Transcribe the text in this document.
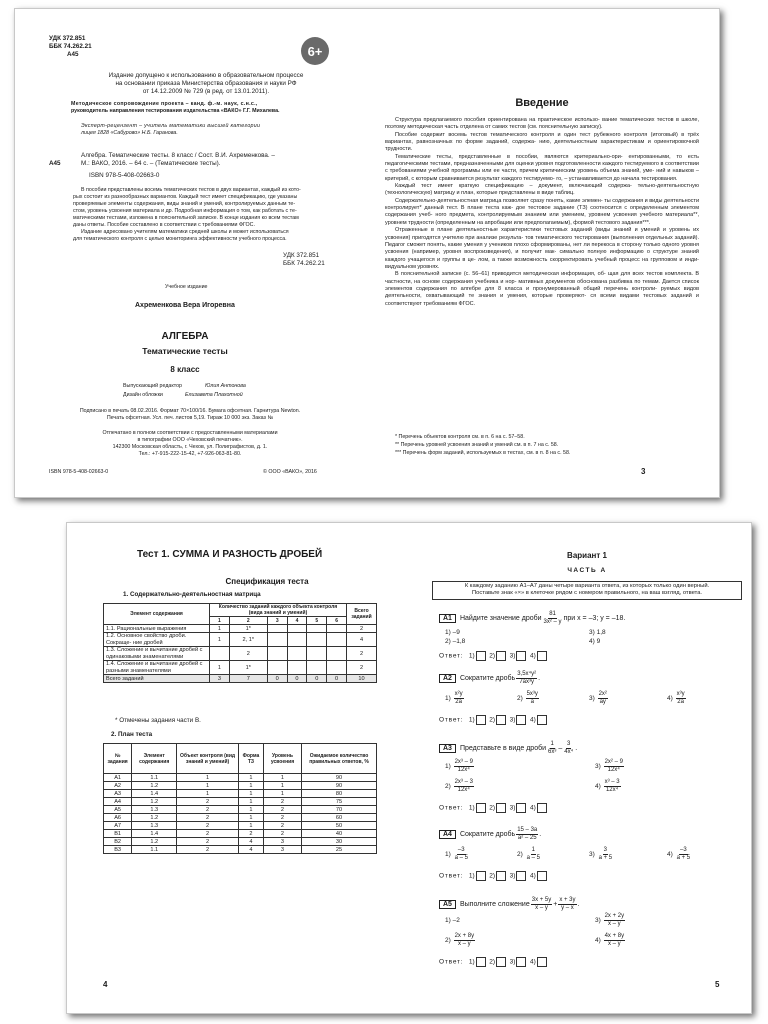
УДК 372.851
ББК 74.262.21
А45	6+
Издание допущено к использованию в образовательном процессе
на основании приказа Министерства образования и науки РФ
от 14.12.2009 № 729 (в ред. от 13.01.2011).
Методическое сопровождение проекта – канд. ф.-м. наук, с.н.с.,
руководитель направления тестирования издательства «ВАКО» Г.Г. Михалева.
Эксперт-рецензент – учитель математики высшей категории
лицея 1828 «Сабурово» Н.Б. Гаранова.
А45
Алгебра. Тематические тесты. 8 класс / Сост. В.И. Ахременкова. –
М.: ВАКО, 2016. – 64 с. – (Тематические тесты).
ISBN 978-5-408-02663-0
В пособии представлены восемь тематических тестов в двух вариантах, каждый из кото-
рых состоит из разнообразных вариантов. Каждый тест имеет спецификацию, где указаны
проверяемые элементы содержания, виды знаний и умений, контролируемых данным те-
стом, уровень усвоения материала и др. Подробная информация о том, как работать с те-
матическими тестами, изложена в пояснительной записке. В конце издания ко всем тестам
даны ответы. Пособие составлено в соответствии с требованиями ФГОС.
Издание адресовано учителям математики средней школы и может использоваться
для тематического контроля с целью мониторинга эффективности учебного процесса.
УДК 372.851
ББК 74.262.21
Учебное издание
Ахременкова Вера Игоревна
АЛГЕБРА
Тематические тесты
8 класс
Выпускающий редактор	Юлия Антонова
Дизайн обложки	Елизавета Плахотной
Подписано в печать 08.02.2016. Формат 70×100/16. Бумага офсетная. Гарнитура Newton.
Печать офсетная. Усл. печ. листов 5,19. Тираж 10 000 экз. Заказ №
Отпечатано в полном соответствии с предоставленными материалами
в типографии ООО «Чеховский печатник».
142300 Московская область, г. Чехов, ул. Полиграфистов, д. 1.
Тел.: +7-915-222-15-42, +7-926-063-81-80.
ISBN 978-5-408-02663-0	© ООО «ВАКО», 2016
Введение

Структура предлагаемого пособия ориентирована на практическое использо- вание тематических тестов в школе, поэтому методическая часть отделена от самих тестов (см. пояснительную записку).

Пособие содержит восемь тестов тематического контроля и один тест рубежного контроля (итоговый) в трёх вариантах, равнозначных по форме заданий, содержа- нию, деятельностным характеристикам и ориентировочной трудности.

Тематические тесты, представленные в пособии, являются критериально-ори- ентированными, то есть педагогическими тестами, предназначенными для оценки уровня подготовленности каждого тестируемого в соответствии с требованиями учебной программы или ее части, причем критичиеским уровень объема знаний, уме- ний и навыков – критерий, с которым сравнивается результат каждого тестируемо- го, – устанавливается до начала тестирования.

Каждый тест имеет краткую спецификацию – документ, включающий содержа- тельно-деятельностную (технологическую) матрицу и план, которые представлены в виде таблиц.

Содержательно-деятельностная матрица позволяет сразу понять, какие элемен- ты содержания и виды деятельности контролирует* данный тест. В плане теста каж- дое тестовое задание (ТЗ) соотносится с определенным элементом содержания учеб- ного предмета, контролируемым знанием или умением, уровнем усвоения учебного материала**, уровнем трудности (определенным на апробации или предполагаемым), формой тестового задания***.

Отраженные в плане деятельностные характеристики тестовых заданий (виды знаний и умений и уровень их усвоения) пригодятся учителю при анализе результа- тов тематического тестирования (выполнения отдельных заданий). Педагог сможет понять, какие умения у учеников плохо сформированы, нет ли перекоса в сторону только одного уровня усвоения (например, уровня воспроизведения), и получит мак- симально полную информацию о структуре знаний каждого учащегося и группы в це- лом, а также возможность скорректировать учебный процесс на групповом и инди- видуальном уровнях.

В пояснительной записке (с. 56–61) приводится методическая информация, об- щая для всех тестов комплекта. В частности, на основе содержания учебника и нор- мативных документов обоснована разбивка по темам. Дается список элементов содержания по алгебре для 8 класса и пронумерованный общий перечень контроли- руемых видов деятельности, охватывающий те знания и умения, которые проверяют- ся всеми видами тестовых заданий и соответствуют требованиям ФГОС.

* Перечень объектов контроля см. в п. 6 на с. 57–58.
** Перечень уровней усвоения знаний и умений см. в п. 7 на с. 58.
*** Перечень форм заданий, используемых в тестах, см. в п. 8 на с. 58.
3
Тест 1. СУММА И РАЗНОСТЬ ДРОБЕЙ
Спецификация теста
1. Содержательно-деятельностная матрица
Элемент содержания	Количество заданий каждого объекта контроля (вида знаний и умений)						Всего заданий
	1	2	3	4	5	6	
1.1. Рациональные выражения	1	1*					2
1.2. Основное свойство дроби. Сокраще- ние дробей	1	2, 1*					4
1.3. Сложение и вычитание дробей с одинаковыми знаменателями		2					2
1.4. Сложение и вычитание дробей с разными знаменателями	1	1*					2
Всего заданий	3	7	0	0	0	0	10
* Отмечены задания части В.
2. План теста
№ задания	Элемент содержания	Объект контроля (вид знаний и умений)	Форма ТЗ	Уровень усвоения	Ожидаемое количество правильных ответов, %
А1	1.1	1	1	1	90
А2	1.2	1	1	1	90
А3	1.4	1	1	1	80
А4	1.2	2	1	2	75
А5	1.3	2	1	2	70
А6	1.2	2	1	2	60
А7	1.3	2	1	2	50
В1	1.4	2	2	2	40
В2	1.2	2	4	3	30
В3	1.1	2	4	3	25
4
Вариант 1
ЧАСТЬ А
К каждому заданию А1–А7 даны четыре варианта ответа, из которых только один верный.
Поставьте знак «×» в клеточке рядом с номером правильного, на ваш взгляд, ответа.
А1	Найдите значение дроби $\frac{81}{\text{3x² – y}}$ при x = –3; y = –18.
1) –9
2) –1,8
3) 1,8
4) 9
Ответ: 1) 2) 3) 4)
А2	Сократите дробь $\frac{\text{3,5x⁴y²}}{\text{7ax³y}}$ .
$1) \frac{\text{x²y}}{2a}$	$2) \frac{\text{5x³y}}{a}$	$3) \frac{\text{2x²}}{ay}$	$4) \frac{\text{x³y}}{2a}$
Ответ: 1) 2) 3) 4)
А3	Представьте в виде дроби $\frac{1}{\text{6x³}} - \frac{3}{\text{4x⁴}}$ .
$1) \frac{\text{2x³ – 9}}{\text{12x⁴}}$
$2) \frac{\text{2x³ – 3}}{\text{12x⁴}}$
$3) \frac{\text{2x² – 9}}{\text{12x⁴}}$
$4) \frac{\text{x³ – 3}}{\text{12x⁴}}$
Ответ: 1) 2) 3) 4)
А4	Сократите дробь $\frac{15 - 3a}{\text{a² – 25}}$ .
$1) \frac{-3}{a - 5}$	$2) \frac{1}{a - 5}$	$3) \frac{3}{a + 5}$	$4) \frac{-3}{a + 5}$
Ответ: 1) 2) 3) 4)
А5	Выполните сложение $\frac{3x + 5y}{x - y} + \frac{x + 3y}{y - x}$ .
1) –2
$2) \frac{2x + 8y}{x - y}$
$3) \frac{2x + 2y}{x - y}$
$4) \frac{4x + 8y}{x - y}$
Ответ: 1) 2) 3) 4)
5
